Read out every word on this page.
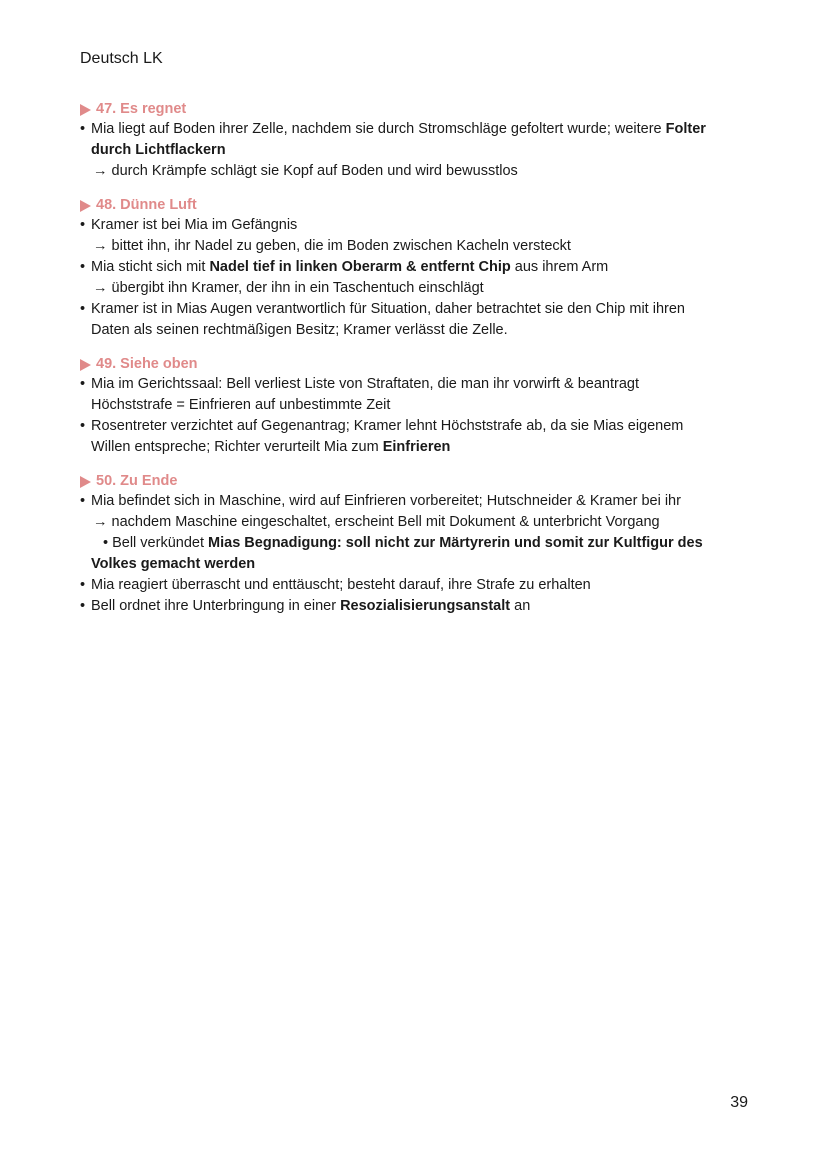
Deutsch LK
47. Es regnet
• Mia liegt auf Boden ihrer Zelle, nachdem sie durch Stromschläge gefoltert wurde; weitere Folter
durch Lichtflackern
→ durch Krämpfe schlägt sie Kopf auf Boden und wird bewusstlos
48. Dünne Luft
• Kramer ist bei Mia im Gefängnis
→ bittet ihn, ihr Nadel zu geben, die im Boden zwischen Kacheln versteckt
• Mia sticht sich mit Nadel tief in linken Oberarm & entfernt Chip aus ihrem Arm
→ übergibt ihn Kramer, der ihn in ein Taschentuch einschlägt
• Kramer ist in Mias Augen verantwortlich für Situation, daher betrachtet sie den Chip mit ihren
Daten als seinen rechtmäßigen Besitz; Kramer verlässt die Zelle.
49. Siehe oben
• Mia im Gerichtssaal: Bell verliest Liste von Straftaten, die man ihr vorwirft & beantragt
Höchststrafe = Einfrieren auf unbestimmte Zeit
• Rosentreter verzichtet auf Gegenantrag; Kramer lehnt Höchststrafe ab, da sie Mias eigenem
Willen entspreche; Richter verurteilt Mia zum Einfrieren
50. Zu Ende
• Mia befindet sich in Maschine, wird auf Einfrieren vorbereitet; Hutschneider & Kramer bei ihr
→ nachdem Maschine eingeschaltet, erscheint Bell mit Dokument & unterbricht Vorgang
• Bell verkündet Mias Begnadigung: soll nicht zur Märtyrerin und somit zur Kultfigur des
Volkes gemacht werden
• Mia reagiert überrascht und enttäuscht; besteht darauf, ihre Strafe zu erhalten
• Bell ordnet ihre Unterbringung in einer Resozialisierungsanstalt an
39
